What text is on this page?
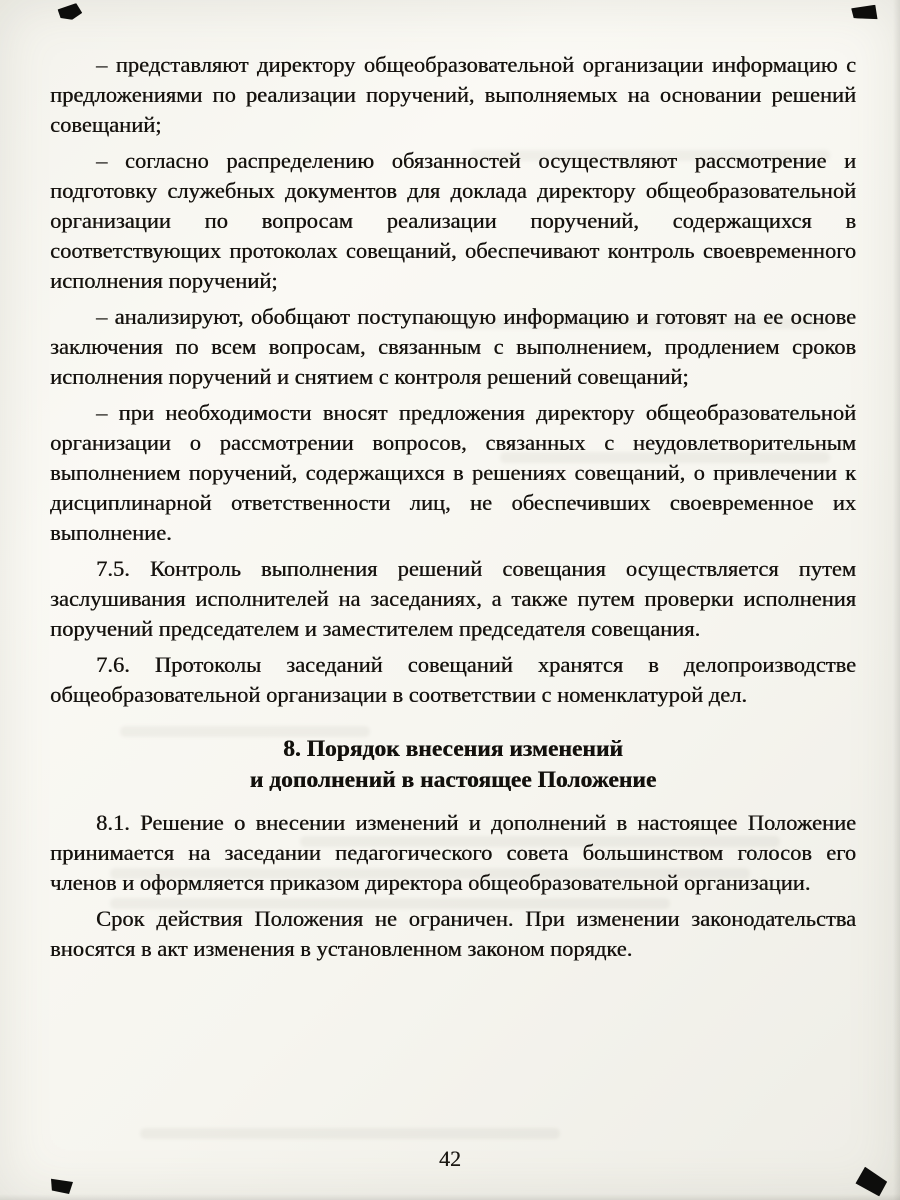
– представляют директору общеобразовательной организации информацию с предложениями по реализации поручений, выполняемых на основании решений совещаний;

– согласно распределению обязанностей осуществляют рассмотрение и подготовку служебных документов для доклада директору общеобразовательной организации по вопросам реализации поручений, содержащихся в соответствующих протоколах совещаний, обеспечивают контроль своевременного исполнения поручений;

– анализируют, обобщают поступающую информацию и готовят на ее основе заключения по всем вопросам, связанным с выполнением, продлением сроков исполнения поручений и снятием с контроля решений совещаний;

– при необходимости вносят предложения директору общеобразовательной организации о рассмотрении вопросов, связанных с неудовлетворительным выполнением поручений, содержащихся в решениях совещаний, о привлечении к дисциплинарной ответственности лиц, не обеспечивших своевременное их выполнение.

7.5. Контроль выполнения решений совещания осуществляется путем заслушивания исполнителей на заседаниях, а также путем проверки исполнения поручений председателем и заместителем председателя совещания.

7.6. Протоколы заседаний совещаний хранятся в делопроизводстве общеобразовательной организации в соответствии с номенклатурой дел.

8. Порядок внесения изменений
и дополнений в настоящее Положение

8.1. Решение о внесении изменений и дополнений в настоящее Положение принимается на заседании педагогического совета большинством голосов его членов и оформляется приказом директора общеобразовательной организации.

Срок действия Положения не ограничен. При изменении законодательства вносятся в акт изменения в установленном законом порядке.

42
